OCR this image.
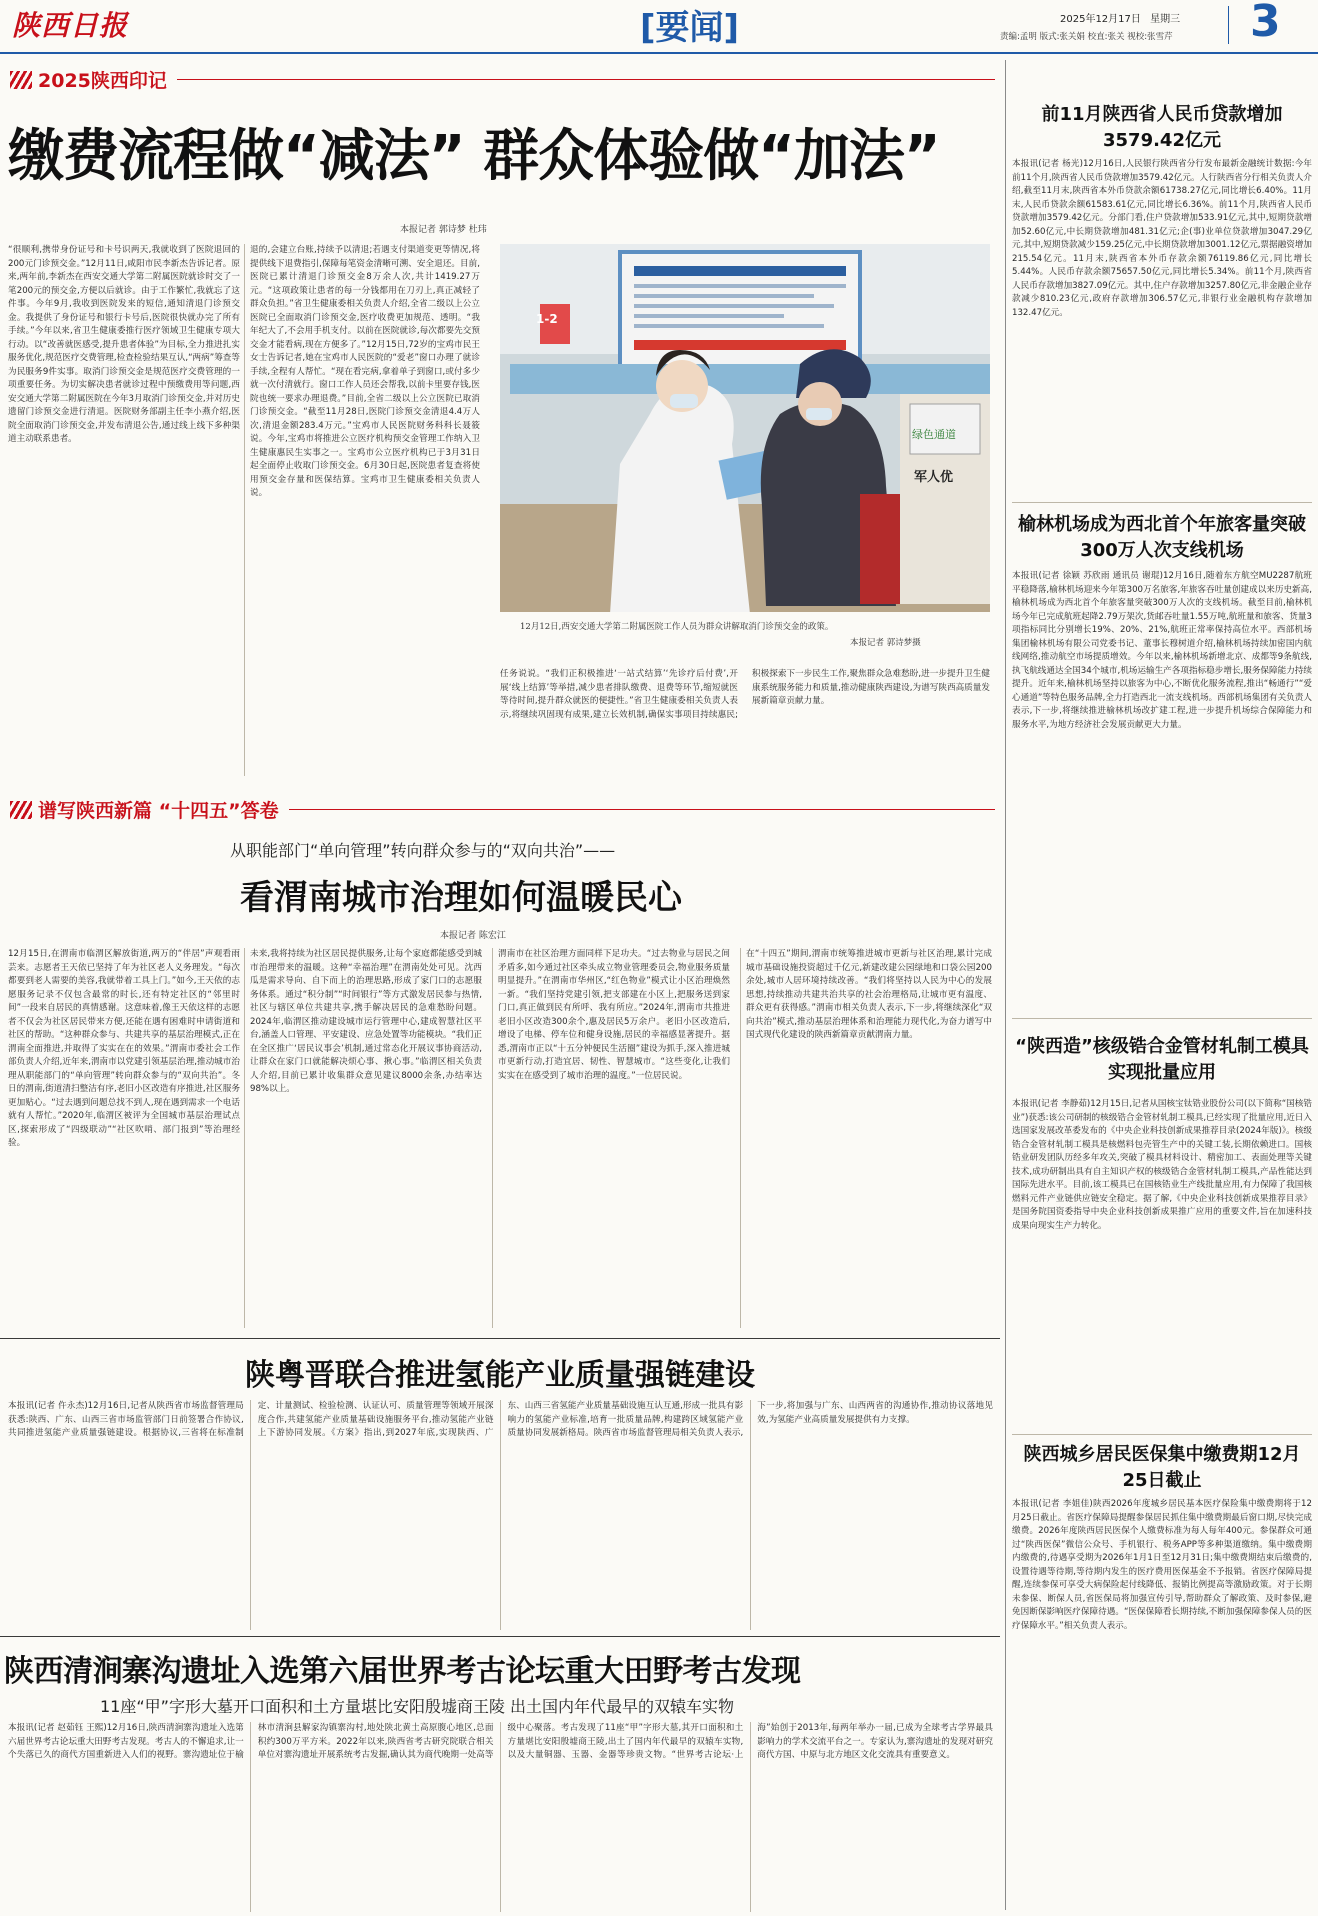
陕西日报	[要闻]	2025年12月17日 星期三
责编:孟明 版式:张关娟 校直:张关 视校:张雪芹 3
2025陕西印记
缴费流程做“减法” 群众体验做“加法”
本报记者 郭诗梦 杜玮
“很顺利,携带身份证号和卡号识两天,我就收到了医院退回的200元门诊预交金。”12月11日,咸阳市民李新杰告诉记者。原来,两年前,李新杰在西安交通大学第二附属医院就诊时交了一笔200元的预交金,方便以后就诊。由于工作繁忙,我就忘了这件事。今年9月,我收到医院发来的短信,通知清退门诊预交金。我提供了身份证号和银行卡号后,医院很快就办完了所有手续。”今年以来,省卫生健康委推行医疗领域卫生健康专项大行动。以“改善就医感受,提升患者体验”为目标,全力推进扎实服务优化,规范医疗交费管理,检查检验结果互认,“两病”筹查等为民服务9件实事。取消门诊预交金是规范医疗交费管理的一项重要任务。为切实解决患者就诊过程中预缴费用等问题,西安交通大学第二附属医院在今年3月取消门诊预交金,并对历史遗留门诊预交金进行清退。医院财务部副主任李小燕介绍,医院全面取消门诊预交金,并发布清退公告,通过线上线下多种渠道主动联系患者。
退的,会建立台账,持续予以清退;若遇支付渠道变更等情况,将提供线下退费指引,保障每笔资金清晰可溯、安全退还。目前,医院已累计清退门诊预交金8万余人次,共计1419.27万元。“这项政策让患者的每一分钱都用在刀刃上,真正减轻了群众负担。”省卫生健康委相关负责人介绍,全省二级以上公立医院已全面取消门诊预交金,医疗收费更加规范、透明。“我年纪大了,不会用手机支付。以前在医院就诊,每次都要先交预交金才能看病,现在方便多了。”12月15日,72岁的宝鸡市民王女士告诉记者,她在宝鸡市人民医院的“爱老”窗口办理了就诊手续,全程有人帮忙。“现在看完病,拿着单子到窗口,或付多少就一次付清就行。窗口工作人员还会帮我,以前卡里要存钱,医院也统一要求办理退费。”目前,全省二级以上公立医院已取消门诊预交金。“截至11月28日,医院门诊预交金清退4.4万人次,清退金额283.4万元。”宝鸡市人民医院财务科科长聂筱说。今年,宝鸡市将推进公立医疗机构预交金管理工作纳入卫生健康惠民生实事之一。宝鸡市公立医疗机构已于3月31日起全面停止收取门诊预交金。6月30日起,医院患者复查将使用预交金存量和医保结算。宝鸡市卫生健康委相关负责人说。
1-2
绿色通道
军人优
12月12日,西安交通大学第二附属医院工作人员为群众讲解取消门诊预交金的政策。
本报记者 郭诗梦摄
任务说说。“我们正积极推进‘一站式结算’‘先诊疗后付费’,开展‘线上结算’等举措,减少患者排队缴费、退费等环节,缩短就医等待时间,提升群众就医的便捷性。”省卫生健康委相关负责人表示,将继续巩固现有成果,建立长效机制,确保实事项目持续惠民;积极探索下一步民生工作,聚焦群众急难愁盼,进一步提升卫生健康系统服务能力和质量,推动健康陕西建设,为谱写陕西高质量发展新篇章贡献力量。
谱写陕西新篇 “十四五”答卷
从职能部门“单向管理”转向群众参与的“双向共治”——
看渭南城市治理如何温暖民心
本报记者 陈宏江
12月15日,在渭南市临渭区解放街道,两万的“伴居”声观看雨芸来。志愿者王天依已坚持了年为社区老人义务理发。“每次都要到老人需要的美容,我就带着工具上门。”如今,王天依的志愿服务记录不仅包含最常的时长,还有特定社区的“邻里时间”一段来自居民的真情感谢。这意味着,像王天依这样的志愿者不仅会为社区居民带来方便,还能在遇有困难时申请街道和社区的帮助。“这种群众参与、共建共享的基层治理模式,正在渭南全面推进,并取得了实实在在的效果。”渭南市委社会工作部负责人介绍,近年来,渭南市以党建引领基层治理,推动城市治理从职能部门的“单向管理”转向群众参与的“双向共治”。冬日的渭南,街道清扫整洁有序,老旧小区改造有序推进,社区服务更加贴心。“过去遇到问题总找不到人,现在遇到需求一个电话就有人帮忙。”2020年,临渭区被评为全国城市基层治理试点区,探索形成了“四级联动”“社区吹哨、部门报到”等治理经验。
未来,我将持续为社区居民提供服务,让每个家庭都能感受到城市治理带来的温暖。这种“幸福治理”在渭南处处可见。沈西瓜是需求导向、自下而上的治理思路,形成了家门口的志愿服务体系。通过“积分制”“时间银行”等方式激发居民参与热情,社区与辖区单位共建共享,携手解决居民的急难愁盼问题。2024年,临渭区推动建设城市运行管理中心,建成智慧社区平台,涵盖人口管理、平安建设、应急处置等功能模块。“我们正在全区推广‘居民议事会’机制,通过常态化开展议事协商活动,让群众在家门口就能解决烦心事、揪心事。”临渭区相关负责人介绍,目前已累计收集群众意见建议8000余条,办结率达98%以上。
渭南市在社区治理方面同样下足功夫。“过去物业与居民之间矛盾多,如今通过社区牵头成立物业管理委员会,物业服务质量明显提升。”在渭南市华州区,“红色物业”模式让小区治理焕然一新。“我们坚持党建引领,把支部建在小区上,把服务送到家门口,真正做到民有所呼、我有所应。”2024年,渭南市共推进老旧小区改造300余个,惠及居民5万余户。老旧小区改造后,增设了电梯、停车位和健身设施,居民的幸福感显著提升。据悉,渭南市正以“十五分钟便民生活圈”建设为抓手,深入推进城市更新行动,打造宜居、韧性、智慧城市。“这些变化,让我们实实在在感受到了城市治理的温度。”一位居民说。
在“十四五”期间,渭南市统筹推进城市更新与社区治理,累计完成城市基础设施投资超过千亿元,新建改建公园绿地和口袋公园200余处,城市人居环境持续改善。“我们将坚持以人民为中心的发展思想,持续推动共建共治共享的社会治理格局,让城市更有温度、群众更有获得感。”渭南市相关负责人表示,下一步,将继续深化“双向共治”模式,推动基层治理体系和治理能力现代化,为奋力谱写中国式现代化建设的陕西新篇章贡献渭南力量。
陕粤晋联合推进氢能产业质量强链建设
本报讯(记者 仵永杰)12月16日,记者从陕西省市场监督管理局获悉:陕西、广东、山西三省市场监管部门日前签署合作协议,共同推进氢能产业质量强链建设。根据协议,三省将在标准制定、计量测试、检验检测、认证认可、质量管理等领域开展深度合作,共建氢能产业质量基础设施服务平台,推动氢能产业链上下游协同发展。《方案》指出,到2027年底,实现陕西、广东、山西三省氢能产业质量基础设施互认互通,形成一批具有影响力的氢能产业标准,培育一批质量品牌,构建跨区域氢能产业质量协同发展新格局。陕西省市场监督管理局相关负责人表示,下一步,将加强与广东、山西两省的沟通协作,推动协议落地见效,为氢能产业高质量发展提供有力支撑。
陕西清涧寨沟遗址入选第六届世界考古论坛重大田野考古发现
11座“甲”字形大墓开口面积和土方量堪比安阳殷墟商王陵 出土国内年代最早的双辕车实物
本报讯(记者 赵茹钰 王熙)12月16日,陕西清涧寨沟遗址入选第六届世界考古论坛重大田野考古发现。考古人的不懈追求,让一个失落已久的商代方国重新进入人们的视野。寨沟遗址位于榆林市清涧县解家沟镇寨沟村,地处陕北黄土高原腹心地区,总面积约300万平方米。2022年以来,陕西省考古研究院联合相关单位对寨沟遗址开展系统考古发掘,确认其为商代晚期一处高等级中心聚落。考古发现了11座“甲”字形大墓,其开口面积和土方量堪比安阳殷墟商王陵,出土了国内年代最早的双辕车实物,以及大量铜器、玉器、金器等珍贵文物。“世界考古论坛·上海”始创于2013年,每两年举办一届,已成为全球考古学界最具影响力的学术交流平台之一。专家认为,寨沟遗址的发现对研究商代方国、中原与北方地区文化交流具有重要意义。
前11月陕西省人民币贷款增加3579.42亿元
本报讯(记者 杨光)12月16日,人民银行陕西省分行发布最新金融统计数据:今年前11个月,陕西省人民币贷款增加3579.42亿元。人行陕西省分行相关负责人介绍,截至11月末,陕西省本外币贷款余额61738.27亿元,同比增长6.40%。11月末,人民币贷款余额61583.61亿元,同比增长6.36%。前11个月,陕西省人民币贷款增加3579.42亿元。分部门看,住户贷款增加533.91亿元,其中,短期贷款增加52.60亿元,中长期贷款增加481.31亿元;企(事)业单位贷款增加3047.29亿元,其中,短期贷款减少159.25亿元,中长期贷款增加3001.12亿元,票据融资增加215.54亿元。11月末,陕西省本外币存款余额76119.86亿元,同比增长5.44%。人民币存款余额75657.50亿元,同比增长5.34%。前11个月,陕西省人民币存款增加3827.09亿元。其中,住户存款增加3257.80亿元,非金融企业存款减少810.23亿元,政府存款增加306.57亿元,非银行业金融机构存款增加132.47亿元。
榆林机场成为西北首个年旅客量突破300万人次支线机场
本报讯(记者 徐颖 苏欣雨 通讯员 谢琨)12月16日,随着东方航空MU2287航班平稳降落,榆林机场迎来今年第300万名旅客,年旅客吞吐量创建成以来历史新高,榆林机场成为西北首个年旅客量突破300万人次的支线机场。截至目前,榆林机场今年已完成航班起降2.79万架次,货邮吞吐量1.55万吨,航班量和旅客、货量3项指标同比分别增长19%、20%、21%,航班正常率保持高位水平。西部机场集团榆林机场有限公司党委书记、董事长穆树道介绍,榆林机场持续加密国内航线网络,推动航空市场提质增效。今年以来,榆林机场新增北京、成都等9条航线,执飞航线通达全国34个城市,机场运输生产各项指标稳步增长,服务保障能力持续提升。近年来,榆林机场坚持以旅客为中心,不断优化服务流程,推出“畅通行”“爱心通道”等特色服务品牌,全力打造西北一流支线机场。西部机场集团有关负责人表示,下一步,将继续推进榆林机场改扩建工程,进一步提升机场综合保障能力和服务水平,为地方经济社会发展贡献更大力量。
“陕西造”核级锆合金管材轧制工模具实现批量应用
本报讯(记者 李静茹)12月15日,记者从国核宝钛锆业股份公司(以下简称“国核锆业”)获悉:该公司研制的核级锆合金管材轧制工模具,已经实现了批量应用,近日入选国家发展改革委发布的《中央企业科技创新成果推荐目录(2024年版)》。核级锆合金管材轧制工模具是核燃料包壳管生产中的关键工装,长期依赖进口。国核锆业研发团队历经多年攻关,突破了模具材料设计、精密加工、表面处理等关键技术,成功研制出具有自主知识产权的核级锆合金管材轧制工模具,产品性能达到国际先进水平。目前,该工模具已在国核锆业生产线批量应用,有力保障了我国核燃料元件产业链供应链安全稳定。据了解,《中央企业科技创新成果推荐目录》是国务院国资委指导中央企业科技创新成果推广应用的重要文件,旨在加速科技成果向现实生产力转化。
陕西城乡居民医保集中缴费期12月25日截止
本报讯(记者 李姐佳)陕西2026年度城乡居民基本医疗保险集中缴费期将于12月25日截止。省医疗保障局提醒参保居民抓住集中缴费期最后窗口期,尽快完成缴费。2026年度陕西居民医保个人缴费标准为每人每年400元。参保群众可通过“陕西医保”微信公众号、手机银行、税务APP等多种渠道缴纳。集中缴费期内缴费的,待遇享受期为2026年1月1日至12月31日;集中缴费期结束后缴费的,设置待遇等待期,等待期内发生的医疗费用医保基金不予报销。省医疗保障局提醒,连续参保可享受大病保险起付线降低、报销比例提高等激励政策。对于长期未参保、断保人员,省医保局将加强宣传引导,帮助群众了解政策、及时参保,避免因断保影响医疗保障待遇。“医保保障看长期持续,不断加强保障参保人员的医疗保障水平。”相关负责人表示。
